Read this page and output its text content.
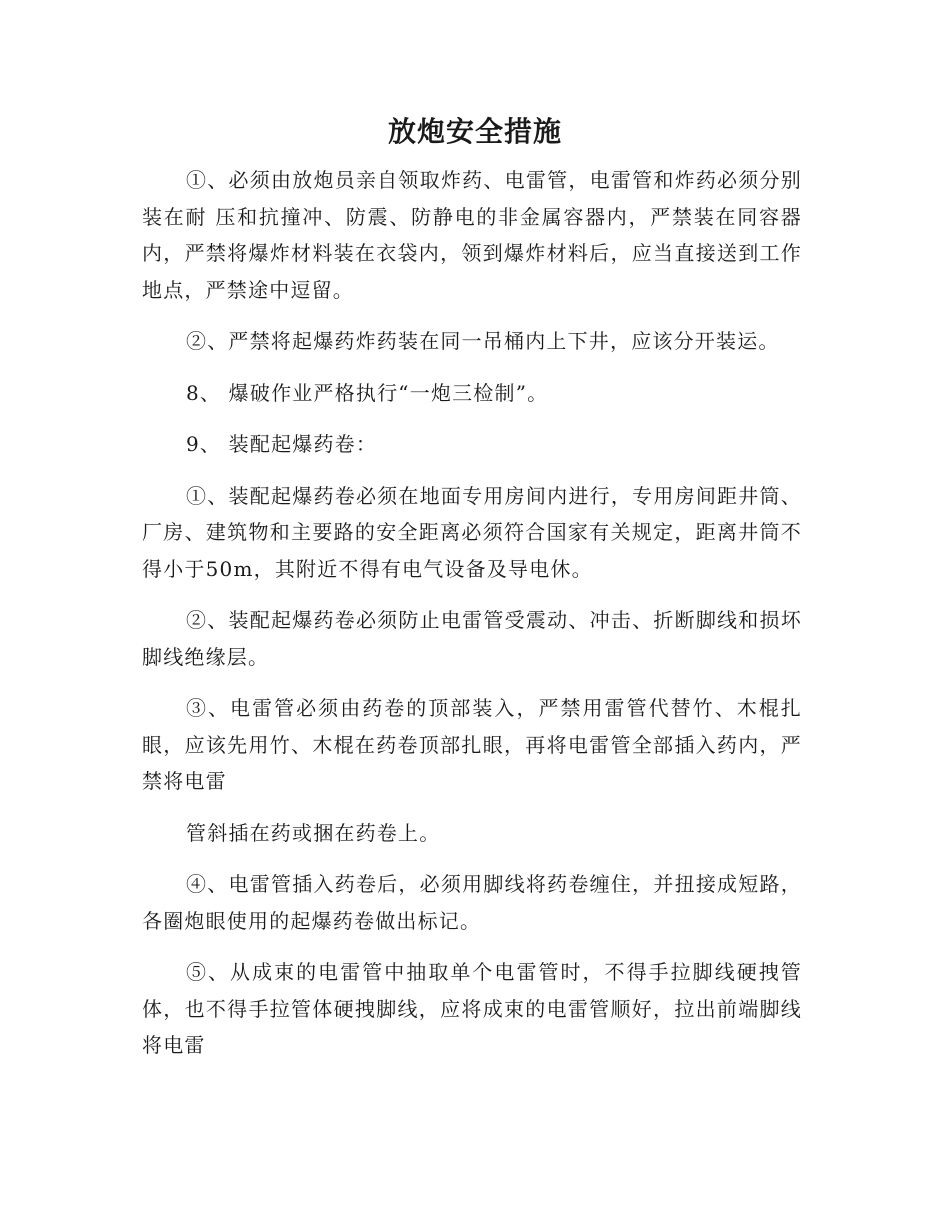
放炮安全措施

①、必须由放炮员亲自领取炸药、电雷管，电雷管和炸药必须分别装在耐 压和抗撞冲、防震、防静电的非金属容器内，严禁装在同容器内，严禁将爆炸材料装在衣袋内，领到爆炸材料后，应当直接送到工作地点，严禁途中逗留。

②、严禁将起爆药炸药装在同一吊桶内上下井，应该分开装运。

8、 爆破作业严格执行“一炮三检制”。

9、 装配起爆药卷：

①、装配起爆药卷必须在地面专用房间内进行，专用房间距井筒、厂房、建筑物和主要路的安全距离必须符合国家有关规定，距离井筒不得小于50m，其附近不得有电气设备及导电休。

②、装配起爆药卷必须防止电雷管受震动、冲击、折断脚线和损坏脚线绝缘层。

③、电雷管必须由药卷的顶部装入，严禁用雷管代替竹、木棍扎眼，应该先用竹、木棍在药卷顶部扎眼，再将电雷管全部插入药内，严禁将电雷

管斜插在药或捆在药卷上。

④、电雷管插入药卷后，必须用脚线将药卷缠住，并扭接成短路，各圈炮眼使用的起爆药卷做出标记。

⑤、从成束的电雷管中抽取单个电雷管时，不得手拉脚线硬拽管体，也不得手拉管体硬拽脚线，应将成束的电雷管顺好，拉出前端脚线将电雷
